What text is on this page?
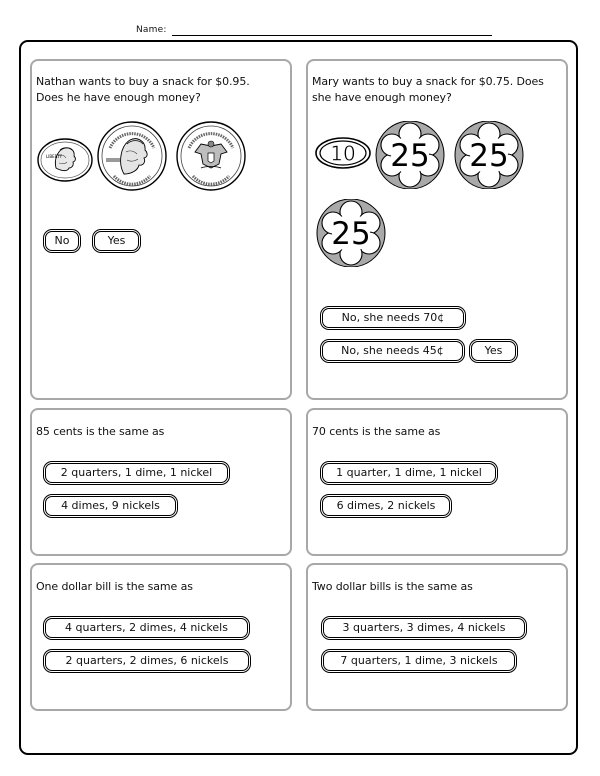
Name:
Nathan wants to buy a snack for $0.95.
Does he have enough money?
LIBERTY
No	Yes
Mary wants to buy a snack for $0.75. Does
she have enough money?
10 25 25
25
No, she needs 70¢
No, she needs 45¢	Yes
85 cents is the same as
2 quarters, 1 dime, 1 nickel
4 dimes, 9 nickels
70 cents is the same as
1 quarter, 1 dime, 1 nickel
6 dimes, 2 nickels
One dollar bill is the same as
4 quarters, 2 dimes, 4 nickels
2 quarters, 2 dimes, 6 nickels
Two dollar bills is the same as
3 quarters, 3 dimes, 4 nickels
7 quarters, 1 dime, 3 nickels
